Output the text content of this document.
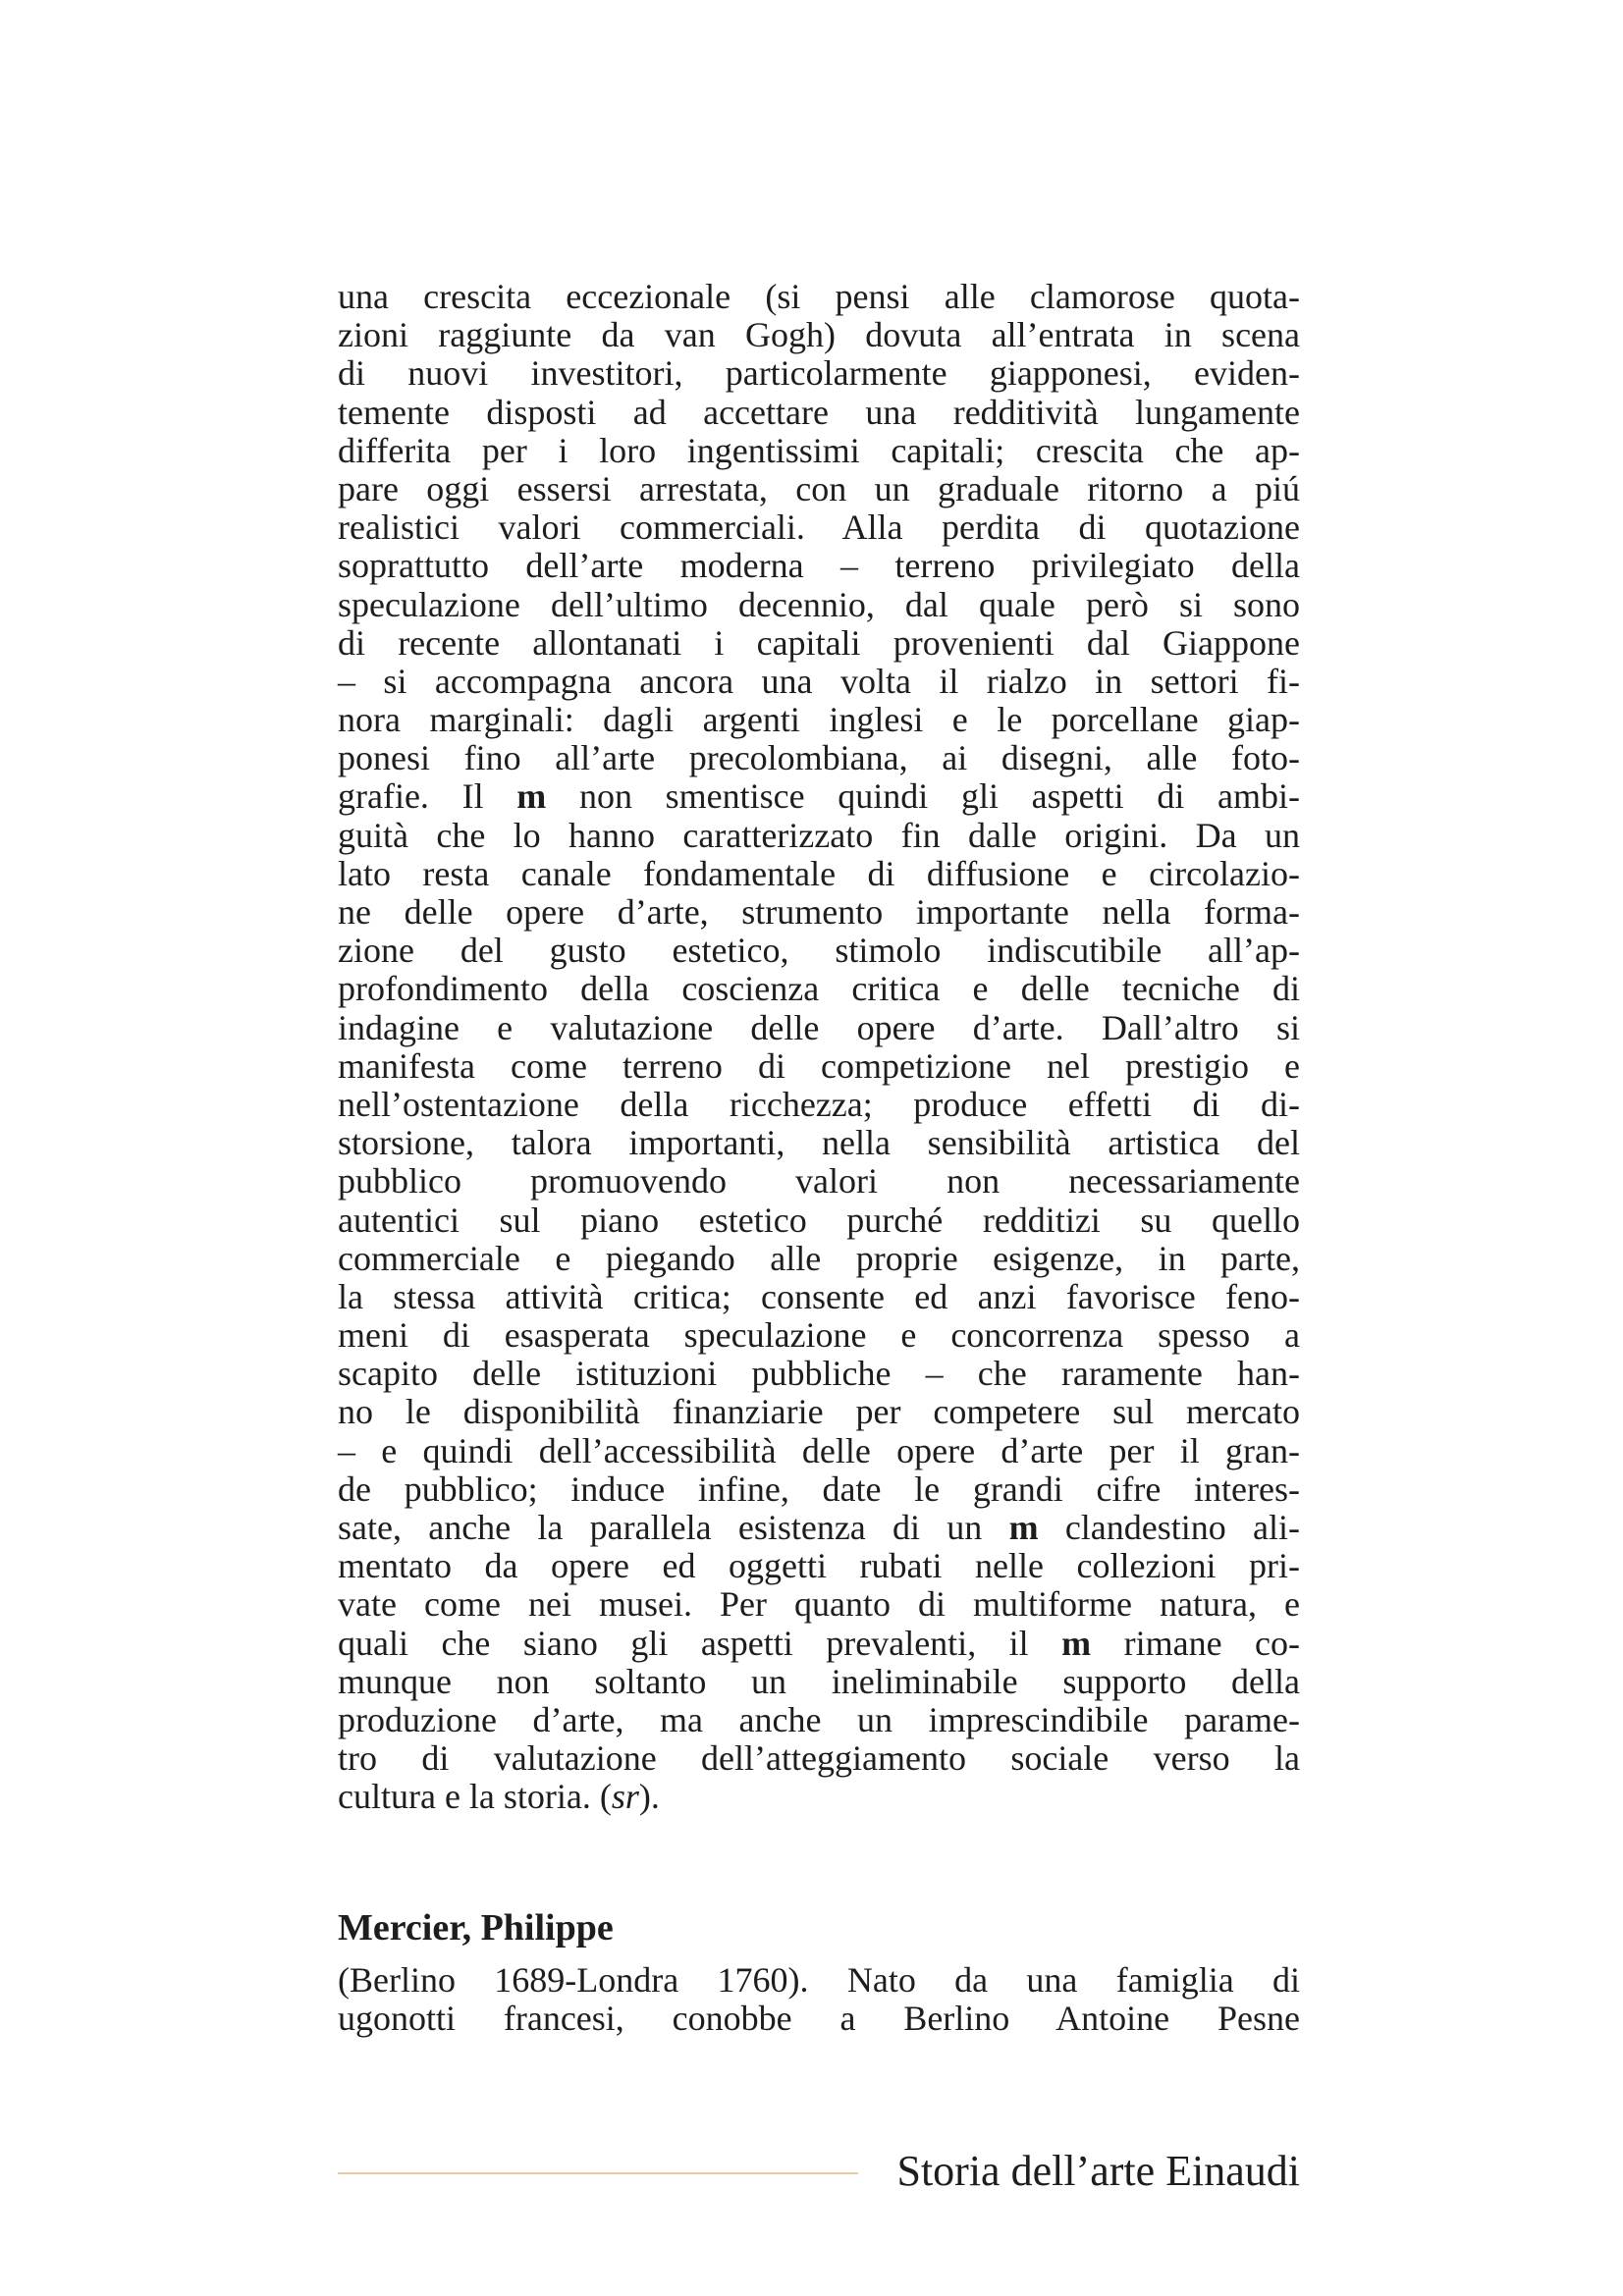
una crescita eccezionale (si pensi alle clamorose quota-
zioni raggiunte da van Gogh) dovuta all’entrata in scena
di nuovi investitori, particolarmente giapponesi, eviden-
temente disposti ad accettare una redditività lungamente
differita per i loro ingentissimi capitali; crescita che ap-
pare oggi essersi arrestata, con un graduale ritorno a piú
realistici valori commerciali. Alla perdita di quotazione
soprattutto dell’arte moderna – terreno privilegiato della
speculazione dell’ultimo decennio, dal quale però si sono
di recente allontanati i capitali provenienti dal Giappone
– si accompagna ancora una volta il rialzo in settori fi-
nora marginali: dagli argenti inglesi e le porcellane giap-
ponesi fino all’arte precolombiana, ai disegni, alle foto-
grafie. Il m non smentisce quindi gli aspetti di ambi-
guità che lo hanno caratterizzato fin dalle origini. Da un
lato resta canale fondamentale di diffusione e circolazio-
ne delle opere d’arte, strumento importante nella forma-
zione del gusto estetico, stimolo indiscutibile all’ap-
profondimento della coscienza critica e delle tecniche di
indagine e valutazione delle opere d’arte. Dall’altro si
manifesta come terreno di competizione nel prestigio e
nell’ostentazione della ricchezza; produce effetti di di-
storsione, talora importanti, nella sensibilità artistica del
pubblico promuovendo valori non necessariamente
autentici sul piano estetico purché redditizi su quello
commerciale e piegando alle proprie esigenze, in parte,
la stessa attività critica; consente ed anzi favorisce feno-
meni di esasperata speculazione e concorrenza spesso a
scapito delle istituzioni pubbliche – che raramente han-
no le disponibilità finanziarie per competere sul mercato
– e quindi dell’accessibilità delle opere d’arte per il gran-
de pubblico; induce infine, date le grandi cifre interes-
sate, anche la parallela esistenza di un m clandestino ali-
mentato da opere ed oggetti rubati nelle collezioni pri-
vate come nei musei. Per quanto di multiforme natura, e
quali che siano gli aspetti prevalenti, il m rimane co-
munque non soltanto un ineliminabile supporto della
produzione d’arte, ma anche un imprescindibile parame-
tro di valutazione dell’atteggiamento sociale verso la
cultura e la storia. (sr).
Mercier, Philippe
(Berlino 1689-Londra 1760). Nato da una famiglia di
ugonotti francesi, conobbe a Berlino Antoine Pesne
Storia dell’arte Einaudi
